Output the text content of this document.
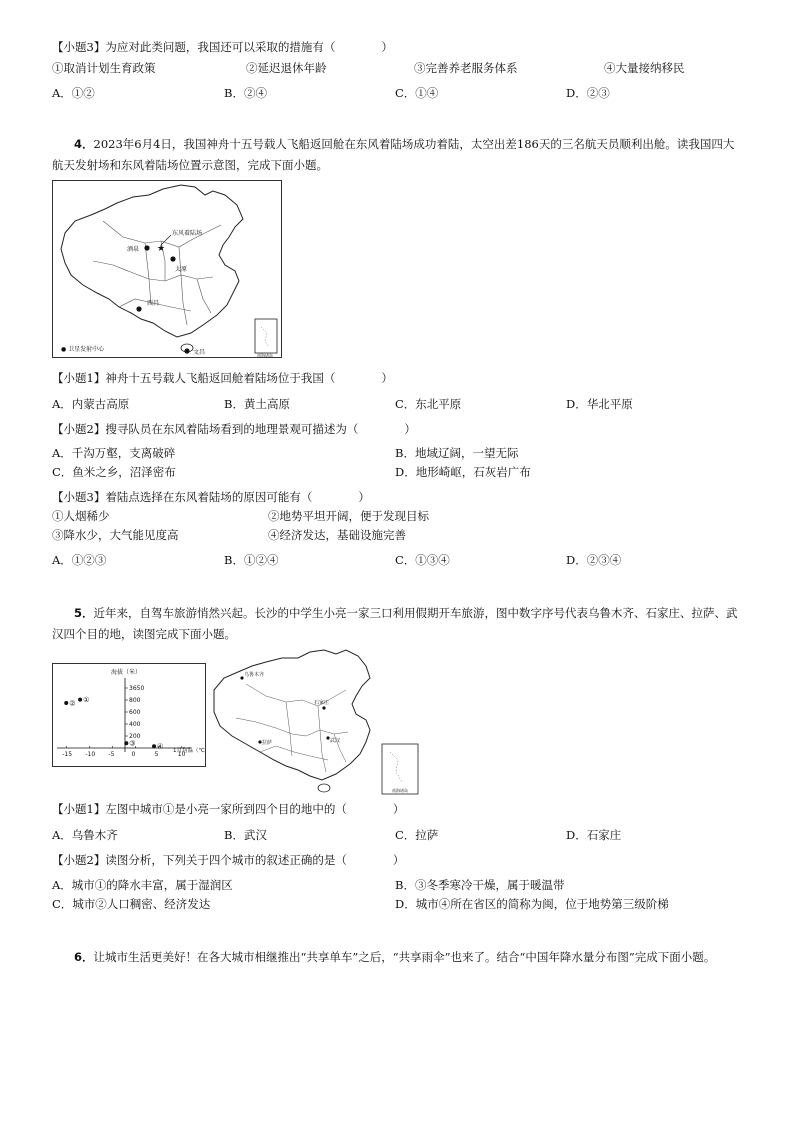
【小题3】为应对此类问题，我国还可以采取的措施有（　　　　）
①取消计划生育政策	②延迟退休年龄	③完善养老服务体系	④大量接纳移民
A．①②	B．②④	C．①④	D．②③
4．2023年6月4日，我国神舟十五号载人飞船返回舱在东风着陆场成功着陆，太空出差186天的三名航天员顺利出舱。读我国四大航天发射场和东风着陆场位置示意图，完成下面小题。
酒泉 ★
东风着陆场
太原
西昌
文昌
● 卫星发射中心
南海诸岛
【小题1】神舟十五号载人飞船返回舱着陆场位于我国（　　　　）
A．内蒙古高原	B．黄土高原	C．东北平原	D．华北平原
【小题2】搜寻队员在东风着陆场看到的地理景观可描述为（　　　　）
A．千沟万壑，支离破碎	B．地域辽阔，一望无际
C．鱼米之乡，沼泽密布	D．地形崎岖，石灰岩广布
【小题3】着陆点选择在东风着陆场的原因可能有（　　　　）
①人烟稀少	②地势平坦开阔，便于发现目标
③降水少，大气能见度高	④经济发达，基础设施完善
A．①②③	B．①②④	C．①③④	D．②③④
5．近年来，自驾车旅游悄然兴起。长沙的中学生小亮一家三口利用假期开车旅游，图中数字序号代表乌鲁木齐、石家庄、拉萨、武汉四个目的地，读图完成下面小题。
海拔（米）
1月均温（℃
-15 -10 -5	0	5	10
200
400
600
800
3650
①
②
③	④
乌鲁木齐
拉萨
石家庄
武汉
南海诸岛
【小题1】左图中城市①是小亮一家所到四个目的地中的（　　　　）
A．乌鲁木齐	B．武汉	C．拉萨	D．石家庄
【小题2】读图分析，下列关于四个城市的叙述正确的是（　　　　）
A．城市①的降水丰富，属于湿润区	B．③冬季寒冷干燥，属于暖温带
C．城市②人口稠密、经济发达	D．城市④所在省区的简称为闽，位于地势第三级阶梯
6．让城市生活更美好！在各大城市相继推出“共享单车”之后，“共享雨伞”也来了。结合“中国年降水量分布图”完成下面小题。
